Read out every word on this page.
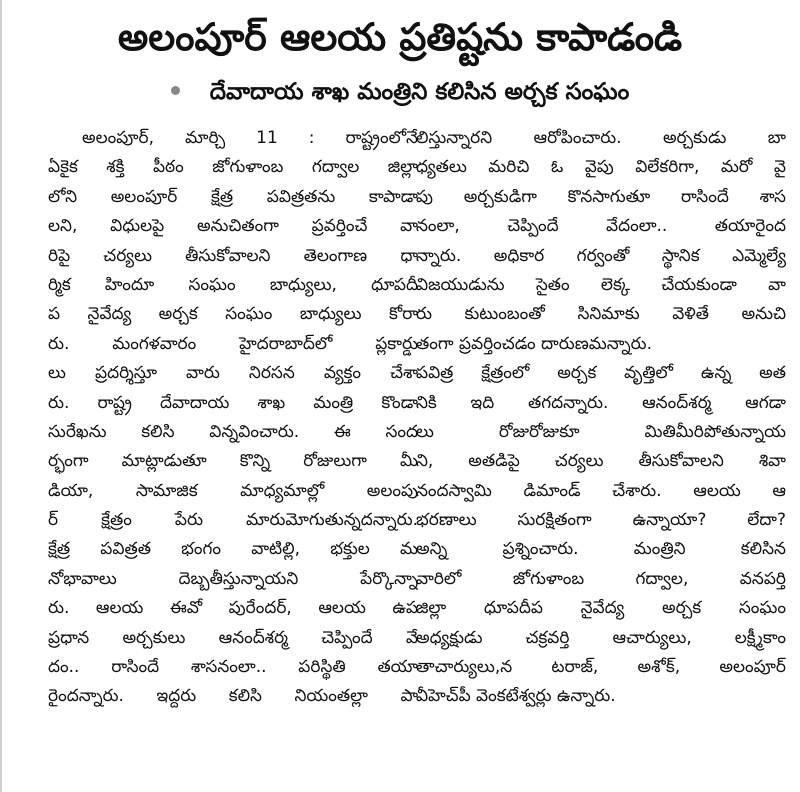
అలంపూర్ ఆలయ ప్రతిష్టను కాపాడండి
దేవాదాయ శాఖ మంత్రిని కలిసిన అర్చక సంఘం
అలంపూర్, మార్చి 11 : రాష్ట్రంలోనే
ఏకైక శక్తి పీఠం జోగుళాంబ గద్వాల జిల్లా
లోని అలంపూర్ క్షేత్ర పవిత్రతను కాపాడా
లని, విధులపై అనుచితంగా ప్రవర్తించే వా
రిపై చర్యలు తీసుకోవాలని తెలంగాణ ధా
ర్మిక హిందూ సంఘం బాధ్యులు, ధూపదీ
ప నైవేద్య అర్చక సంఘం బాధ్యులు కోరా
రు. మంగళవారం హైదరాబాద్‌లో ప్లకార్డు
లు ప్రదర్శిస్తూ వారు నిరసన వ్యక్తం చేశా
రు. రాష్ట్ర దేవాదాయ శాఖ మంత్రి కొండా
సురేఖను కలిసి విన్నవించారు. ఈ సంద
ర్భంగా మాట్లాడుతూ కొన్ని రోజులుగా మీ
డియా, సామాజిక మాధ్యమాల్లో అలంపు
ర్ క్షేత్రం పేరు మారుమోగుతున్నదన్నారు.
క్షేత్ర పవిత్రత భంగం వాటిల్లి, భక్తుల మ
నోభావాలు దెబ్బతీస్తున్నాయని పేర్కొన్నా
రు. ఆలయ ఈవో పురేందర్, ఆలయ ఉప
ప్రధాన అర్చకులు ఆనంద్‌శర్మ చెప్పిందే వే
దం.. రాసిందే శాసనంలా.. పరిస్థితి తయా
రైందన్నారు. ఇద్దరు కలిసి నియంతల్లా పా
లిస్తున్నారని ఆరోపించారు. అర్చకుడు బా
ధ్యతలు మరిచి ఓ వైపు విలేకరిగా, మరో వై
పు అర్చకుడిగా కొనసాగుతూ రాసిందే శాస
నంలా, చెప్పిందే వేదంలా.. తయారైంద
న్నారు. అధికార గర్వంతో స్థానిక ఎమ్మెల్యే
విజయుడును సైతం లెక్క చేయకుండా వా
రు కుటుంబంతో సినిమాకు వెళితే అనుచి
తంగా ప్రవర్తించడం దారుణమన్నారు.
పవిత్ర క్షేత్రంలో అర్చక వృత్తిలో ఉన్న అత
నికి ఇది తగదన్నారు. ఆనంద్‌శర్మ ఆగడా
లు రోజురోజుకూ మితిమీరిపోతున్నాయ
ని, అతడిపై చర్యలు తీసుకోవాలని శివా
నందస్వామి డిమాండ్ చేశారు. ఆలయ ఆ
భరణాలు సురక్షితంగా ఉన్నాయా? లేదా?
అన్ని ప్రశ్నించారు. మంత్రిని కలిసిన
వారిలో జోగుళాంబ గద్వాల, వనపర్తి
జిల్లా ధూపదీప నైవేద్య అర్చక సంఘం
అధ్యక్షుడు చక్రవర్తి ఆచార్యులు, లక్ష్మీకాం
తాచార్యులు,న టరాజ్, అశోక్, అలంపూర్
వీహెచ్‌పీ వెంకటేశ్వర్లు ఉన్నారు.
